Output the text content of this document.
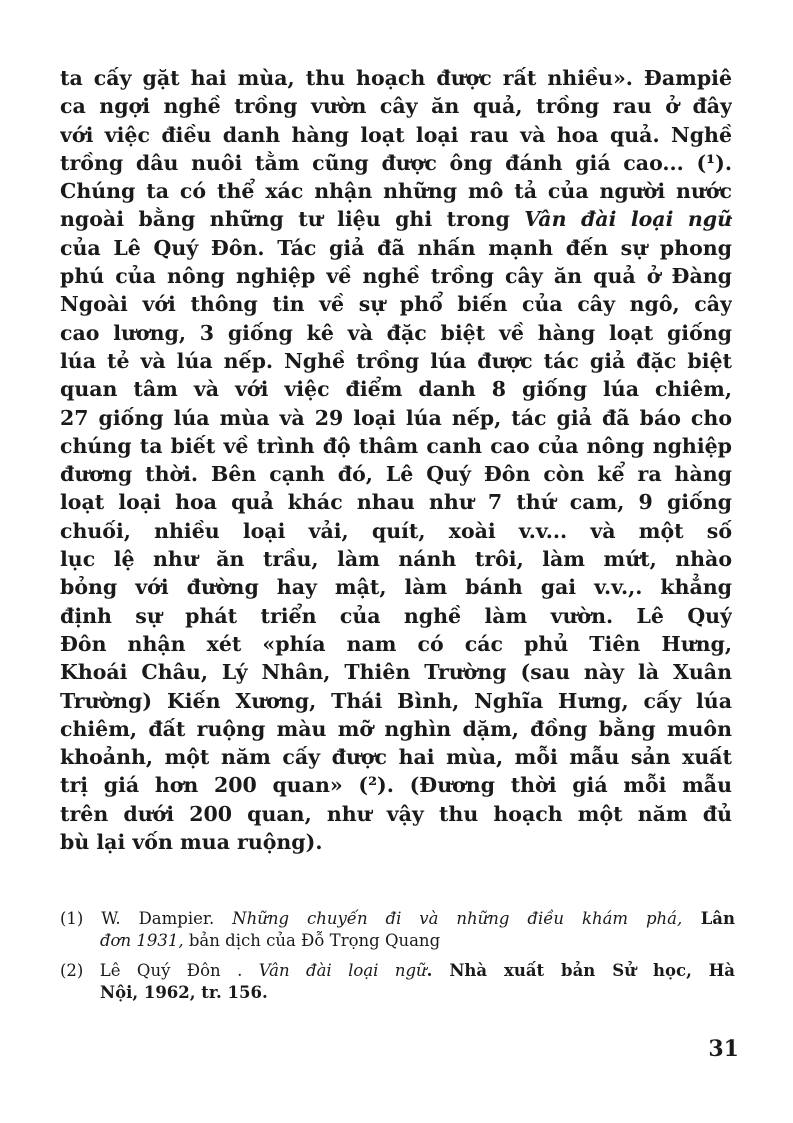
ta cấy gặt hai mùa, thu hoạch được rất nhiều». Đampiê
ca ngợi nghề trồng vườn cây ăn quả, trồng rau ở đây
với việc điều danh hàng loạt loại rau và hoa quả. Nghề
trồng dâu nuôi tằm cũng được ông đánh giá cao... (¹).
Chúng ta có thể xác nhận những mô tả của người nước
ngoài bằng những tư liệu ghi trong Vân đài loại ngữ
của Lê Quý Đôn. Tác giả đã nhấn mạnh đến sự phong
phú của nông nghiệp về nghề trồng cây ăn quả ở Đàng
Ngoài với thông tin về sự phổ biến của cây ngô, cây
cao lương, 3 giống kê và đặc biệt về hàng loạt giống
lúa tẻ và lúa nếp. Nghề trồng lúa được tác giả đặc biệt
quan tâm và với việc điểm danh 8 giống lúa chiêm,
27 giống lúa mùa và 29 loại lúa nếp, tác giả đã báo cho
chúng ta biết về trình độ thâm canh cao của nông nghiệp
đương thời. Bên cạnh đó, Lê Quý Đôn còn kể ra hàng
loạt loại hoa quả khác nhau như 7 thứ cam, 9 giống
chuối, nhiều loại vải, quít, xoài v.v... và một số
lục lệ như ăn trầu, làm nánh trôi, làm mứt, nhào
bỏng với đường hay mật, làm bánh gai v.v.,. khẳng
định sự phát triển của nghề làm vườn. Lê Quý
Đôn nhận xét «phía nam có các phủ Tiên Hưng,
Khoái Châu, Lý Nhân, Thiên Trường (sau này là Xuân
Trường) Kiến Xương, Thái Bình, Nghĩa Hưng, cấy lúa
chiêm, đất ruộng màu mỡ nghìn dặm, đồng bằng muôn
khoảnh, một năm cấy được hai mùa, mỗi mẫu sản xuất
trị giá hơn 200 quan» (²). (Đương thời giá mỗi mẫu
trên dưới 200 quan, như vậy thu hoạch một năm đủ
bù lại vốn mua ruộng).
(1) W. Dampier. Những chuyến đi và những điều khám phá, Lân
đơn 1931, bản dịch của Đỗ Trọng Quang
(2) Lê Quý Đôn . Vân đài loại ngữ. Nhà xuất bản Sử học, Hà
Nội, 1962, tr. 156.
31
